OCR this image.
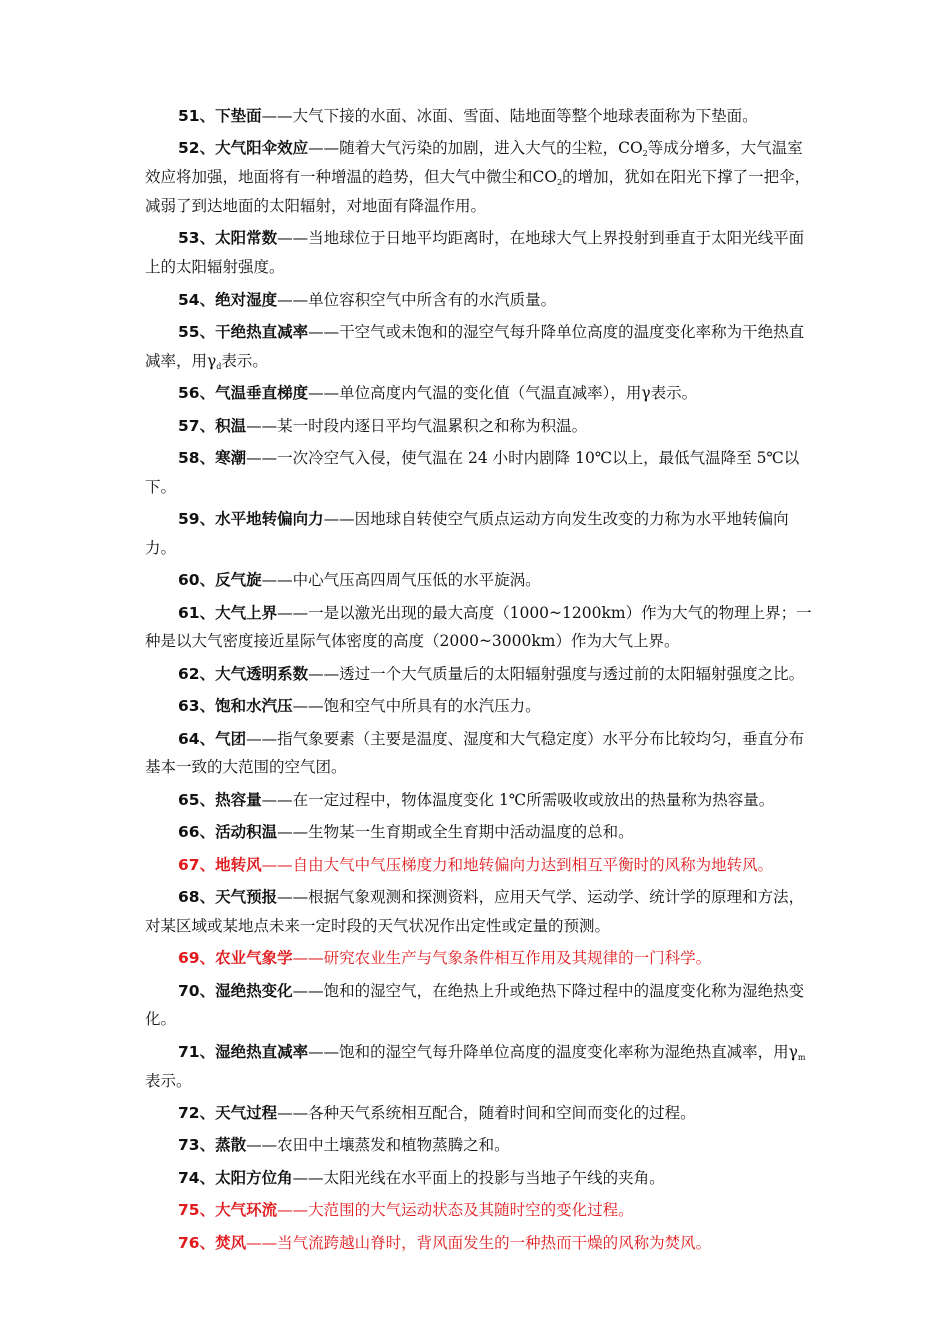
51、下垫面——大气下接的水面、冰面、雪面、陆地面等整个地球表面称为下垫面。

52、大气阳伞效应——随着大气污染的加剧，进入大气的尘粒，$CO_2$等成分增多，大气温室效应将加强，地面将有一种增温的趋势，但大气中微尘和$CO_2$的增加，犹如在阳光下撑了一把伞，减弱了到达地面的太阳辐射，对地面有降温作用。

53、太阳常数——当地球位于日地平均距离时，在地球大气上界投射到垂直于太阳光线平面上的太阳辐射强度。

54、绝对湿度——单位容积空气中所含有的水汽质量。

55、干绝热直减率——干空气或未饱和的湿空气每升降单位高度的温度变化率称为干绝热直减率，用$\gamma_d$表示。

56、气温垂直梯度——单位高度内气温的变化值（气温直减率），用γ表示。

57、积温——某一时段内逐日平均气温累积之和称为积温。

58、寒潮——一次冷空气入侵，使气温在 24 小时内剧降 10℃以上，最低气温降至 5℃以下。

59、水平地转偏向力——因地球自转使空气质点运动方向发生改变的力称为水平地转偏向力。

60、反气旋——中心气压高四周气压低的水平旋涡。

61、大气上界——一是以激光出现的最大高度（1000~1200km）作为大气的物理上界；一种是以大气密度接近星际气体密度的高度（2000~3000km）作为大气上界。

62、大气透明系数——透过一个大气质量后的太阳辐射强度与透过前的太阳辐射强度之比。

63、饱和水汽压——饱和空气中所具有的水汽压力。

64、气团——指气象要素（主要是温度、湿度和大气稳定度）水平分布比较均匀，垂直分布基本一致的大范围的空气团。

65、热容量——在一定过程中，物体温度变化 1℃所需吸收或放出的热量称为热容量。

66、活动积温——生物某一生育期或全生育期中活动温度的总和。

67、地转风——自由大气中气压梯度力和地转偏向力达到相互平衡时的风称为地转风。

68、天气预报——根据气象观测和探测资料，应用天气学、运动学、统计学的原理和方法，对某区域或某地点未来一定时段的天气状况作出定性或定量的预测。

69、农业气象学——研究农业生产与气象条件相互作用及其规律的一门科学。

70、湿绝热变化——饱和的湿空气，在绝热上升或绝热下降过程中的温度变化称为湿绝热变化。

71、湿绝热直减率——饱和的湿空气每升降单位高度的温度变化率称为湿绝热直减率，用$\gamma_m$表示。

72、天气过程——各种天气系统相互配合，随着时间和空间而变化的过程。

73、蒸散——农田中土壤蒸发和植物蒸腾之和。

74、太阳方位角——太阳光线在水平面上的投影与当地子午线的夹角。

75、大气环流——大范围的大气运动状态及其随时空的变化过程。

76、焚风——当气流跨越山脊时，背风面发生的一种热而干燥的风称为焚风。
